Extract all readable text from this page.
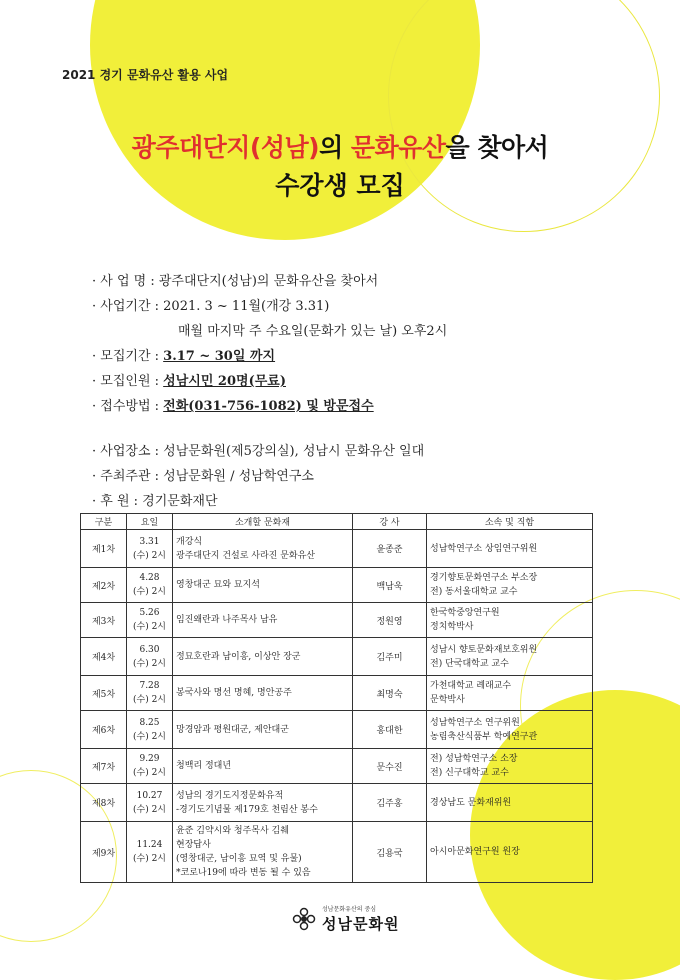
2021 경기 문화유산 활용 사업
광주대단지(성남)의 문화유산을 찾아서
수강생 모집
· 사 업 명 : 광주대단지(성남)의 문화유산을 찾아서
· 사업기간 : 2021. 3 ~ 11월(개강 3.31)
매월 마지막 주 수요일(문화가 있는 날) 오후2시
· 모집기간 : 3.17 ~ 30일 까지
· 모집인원 : 성남시민 20명(무료)
· 접수방법 : 전화(031-756-1082) 및 방문접수
· 사업장소 : 성남문화원(제5강의실), 성남시 문화유산 일대
· 주최주관 : 성남문화원 / 성남학연구소
· 후 원 : 경기문화재단
구분	요일	소개할 문화재	강 사	소속 및 직함
제1차	3.31
(수) 2시	개강식
광주대단지 건설로 사라진 문화유산	윤종준	성남학연구소 상임연구위원

제2차	4.28
(수) 2시	영창대군 묘와 묘지석	백남욱	경기향토문화연구소 부소장
전) 동서울대학교 교수

제3차	5.26
(수) 2시	임진왜란과 나주목사 남유	정원영	한국학중앙연구원
정치학박사

제4차	6.30
(수) 2시	정묘호란과 남이흥, 이상안 장군	김주미	성남시 향토문화재보호위원
전) 단국대학교 교수

제5차	7.28
(수) 2시	봉국사와 명선 명혜, 명안공주	최명숙	가천대학교 례래교수
문학박사

제6차	8.25
(수) 2시	망경암과 평원대군, 제안대군	홍대한	성남학연구소 연구위원
농림축산식품부 학예연구관

제7차	9.29
(수) 2시	청백리 정대년	문수진	전) 성남학연구소 소장
전) 신구대학교 교수

제8차	10.27
(수) 2시	성남의 경기도지정문화유적
-경기도기념물 제179호 천림산 봉수	김주홍	경상남도 문화재위원

제9차	11.24
(수) 2시	윤준 김약시와 청주목사 김췌
현장답사
(영창대군, 남이흥 묘역 및 유물)
*코로나19에 따라 변동 될 수 있음	김용국	아시아문화연구원 원장
성남문화유산의 중심
성남문화원
